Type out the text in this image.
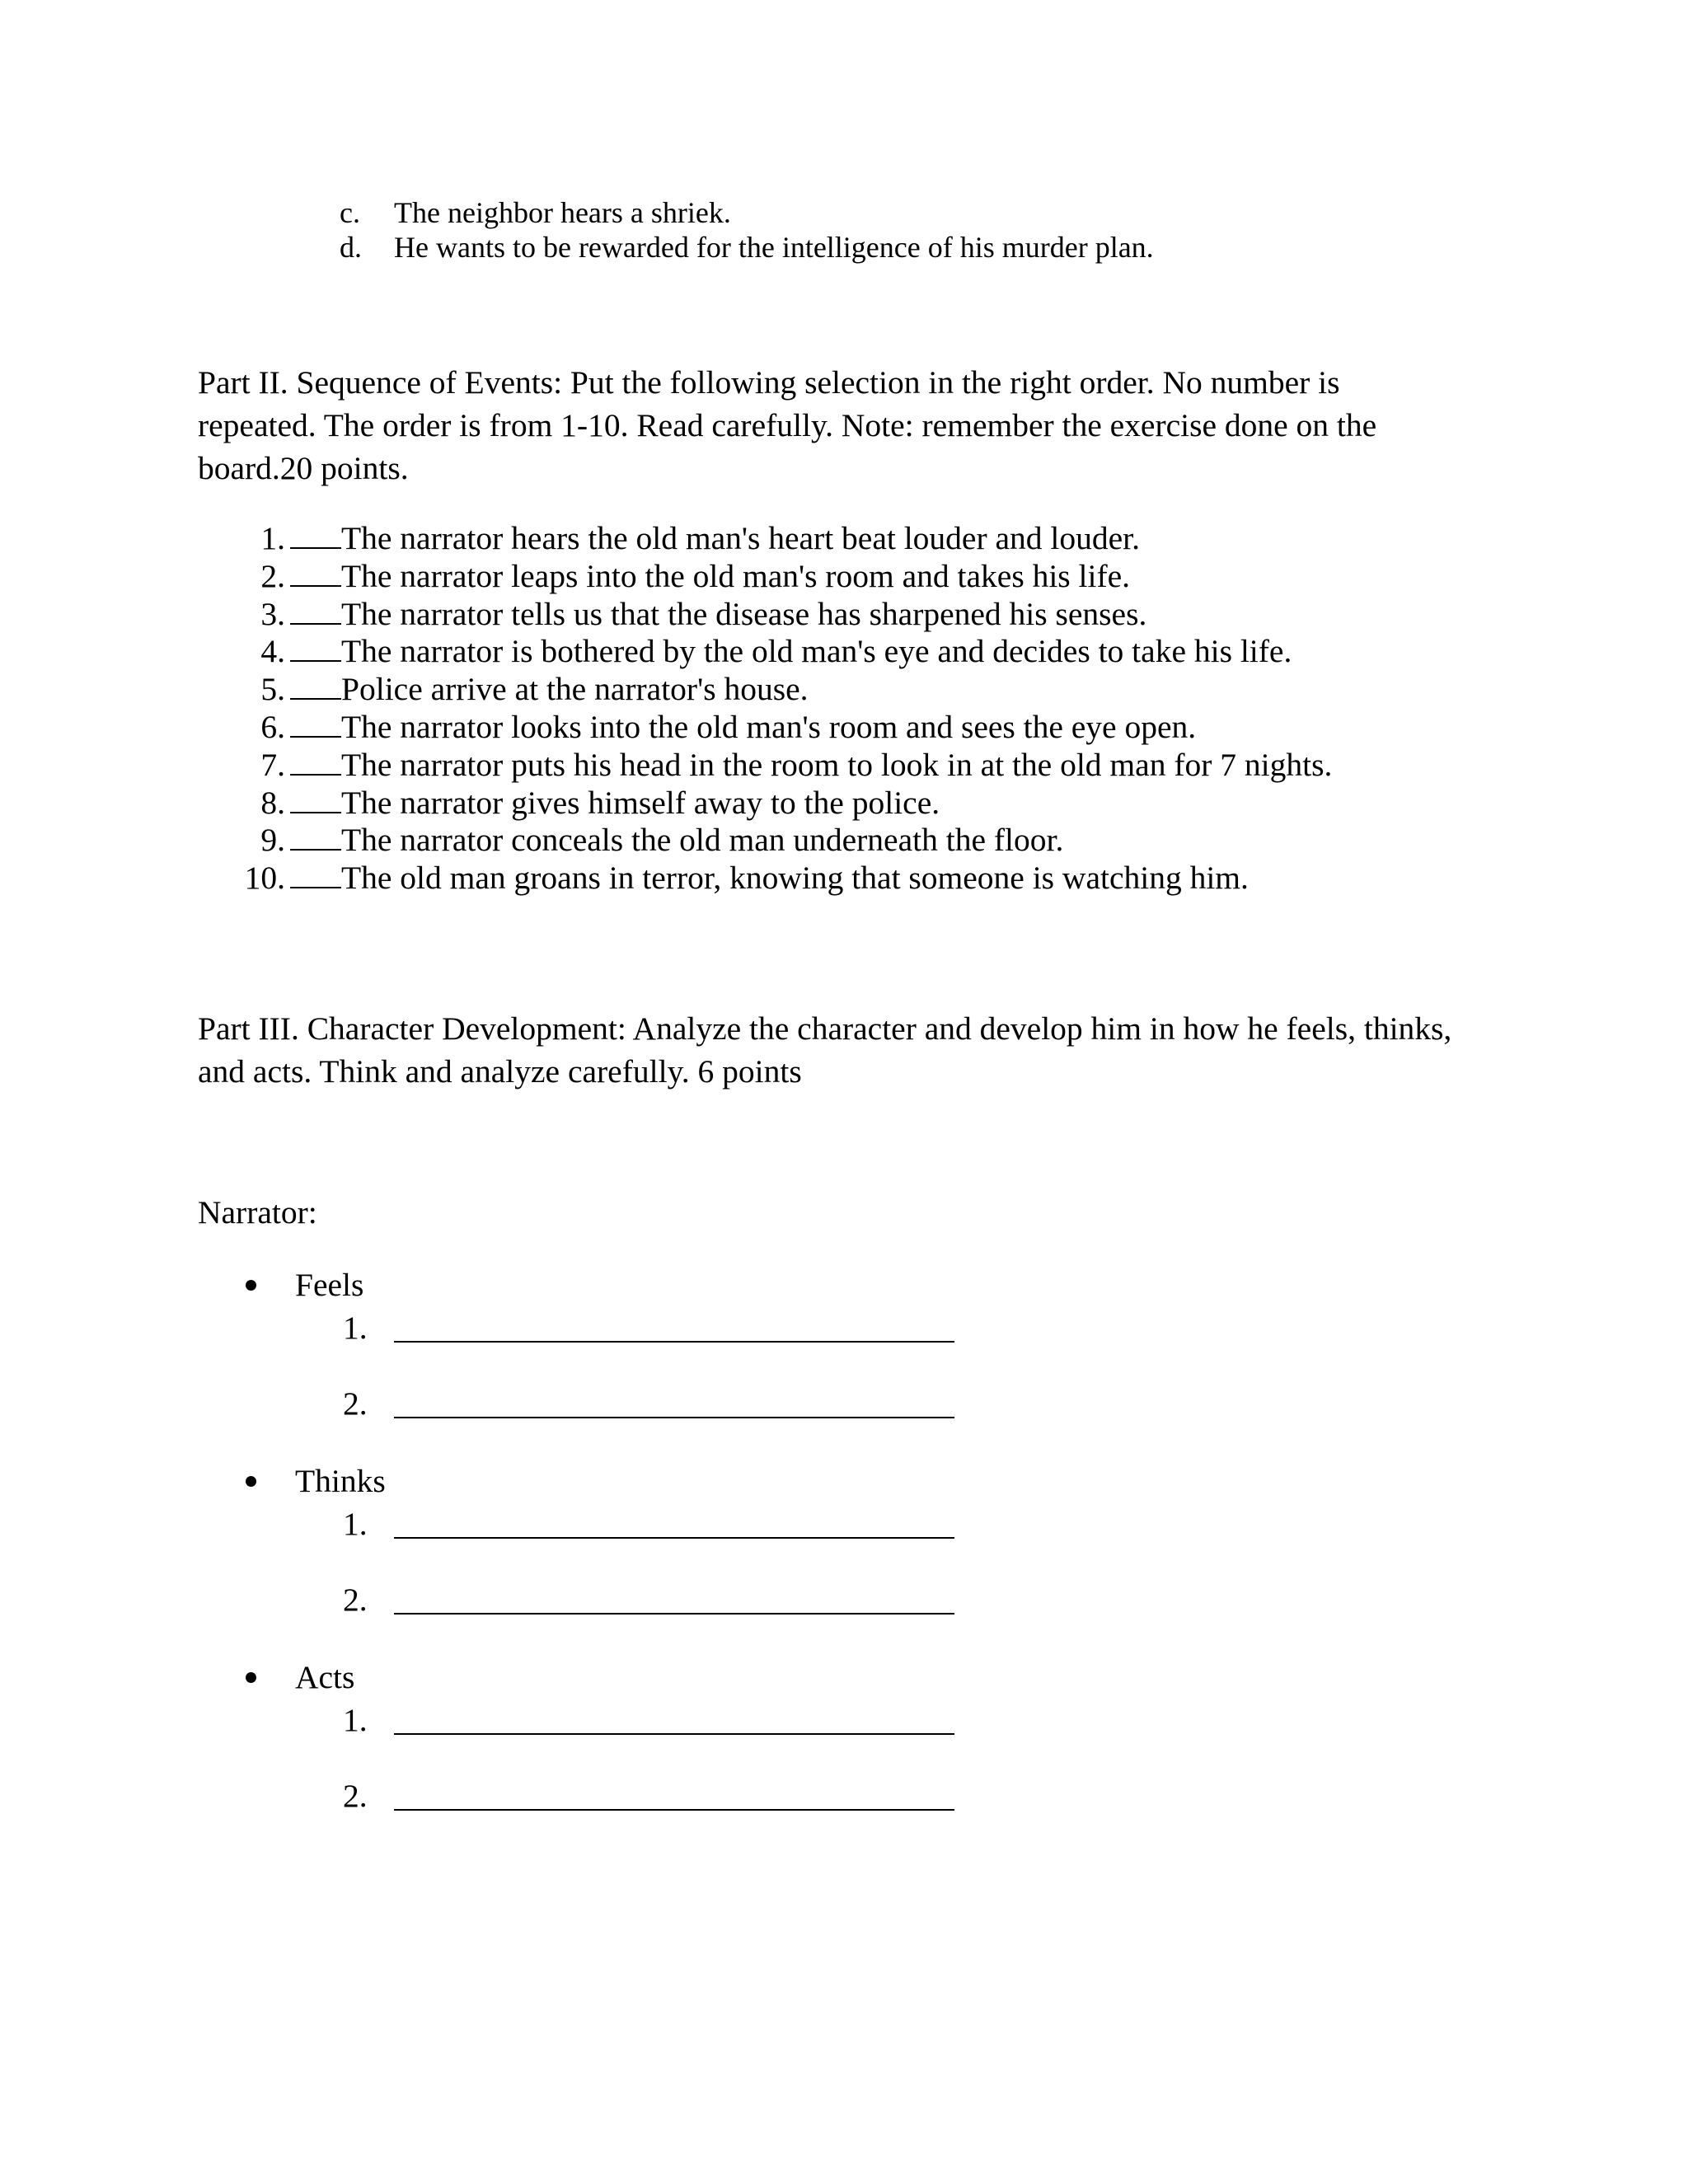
c.	The neighbor hears a shriek.
d.	He wants to be rewarded for the intelligence of his murder plan.
Part II. Sequence of Events: Put the following selection in the right order. No number is
repeated. The order is from 1-10. Read carefully. Note: remember the exercise done on the
board.20 points.
1. The narrator hears the old man's heart beat louder and louder.
2. The narrator leaps into the old man's room and takes his life.
3. The narrator tells us that the disease has sharpened his senses.
4. The narrator is bothered by the old man's eye and decides to take his life.
5. Police arrive at the narrator's house.
6. The narrator looks into the old man's room and sees the eye open.
7. The narrator puts his head in the room to look in at the old man for 7 nights.
8. The narrator gives himself away to the police.
9. The narrator conceals the old man underneath the floor.
10. The old man groans in terror, knowing that someone is watching him.
Part III. Character Development: Analyze the character and develop him in how he feels, thinks,
and acts. Think and analyze carefully. 6 points
Narrator:
Feels
1.
2.
Thinks
1.
2.
Acts
1.
2.
